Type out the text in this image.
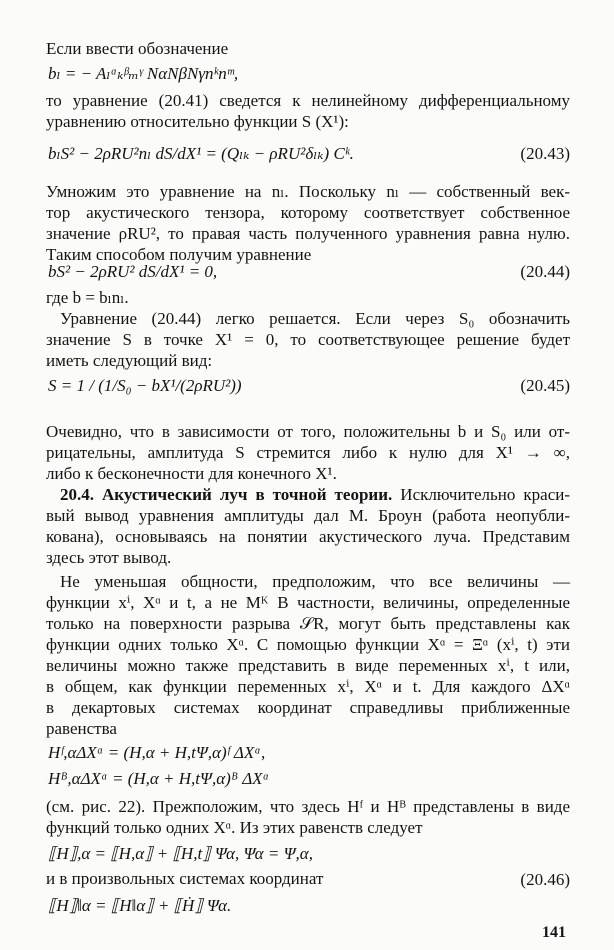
Если ввести обозначение
bₗ = − Aₗᵅₖᵝₘᵞ NαNβNγnᵏnᵐ,
то уравнение (20.41) сведется к нелинейному дифференциальному
уравнению относительно функции S (X¹):
bₗS² − 2ρRU²nₗ dS/dX¹ = (Qₗₖ − ρRU²δₗₖ) Cᵏ.	(20.43)
Умножим это уравнение на nₗ. Поскольку nₗ — собственный век-
тор акустического тензора, которому соответствует собственное
значение ρRU², то правая часть полученного уравнения равна нулю.
Таким способом получим уравнение
bS² − 2ρRU² dS/dX¹ = 0,	(20.44)
где b = bₗnₗ.
Уравнение (20.44) легко решается. Если через S₀ обозначить
значение S в точке X¹ = 0, то соответствующее решение будет
иметь следующий вид:
S = 1 / (1/S₀ − bX¹/(2ρRU²))	(20.45)
Очевидно, что в зависимости от того, положительны b и S₀ или от-
рицательны, амплитуда S стремится либо к нулю для X¹ → ∞,
либо к бесконечности для конечного X¹.
20.4. Акустический луч в точной теории. Исключительно краси-
вый вывод уравнения амплитуды дал М. Броун (работа неопубли-
кована), основываясь на понятии акустического луча. Представим
здесь этот вывод.
Не уменьшая общности, предположим, что все величины —
функции xⁱ, Xᵅ и t, а не Mᴷ В частности, величины, определенные
только на поверхности разрыва 𝒮R, могут быть представлены как
функции одних только Xᵅ. С помощью функции Xᵅ = Ξᵅ (xⁱ, t) эти
величины можно также представить в виде переменных xⁱ, t или,
в общем, как функции переменных xⁱ, Xᵅ и t. Для каждого ΔXᵅ
в декартовых системах координат справедливы приближенные
равенства
Hᶠ,αΔXᵅ = (H,α + H,tΨ,α)ᶠ ΔXᵅ,
Hᴮ,αΔXᵅ = (H,α + H,tΨ,α)ᴮ ΔXᵅ
(см. рис. 22). Прежположим, что здесь Hᶠ и Hᴮ представлены в виде
функций только одних Xᵅ. Из этих равенств следует
⟦H⟧,α = ⟦H,α⟧ + ⟦H,t⟧ Ψα, Ψα = Ψ,α,
и в произвольных системах координат
⟦H⟧‖α = ⟦H‖α⟧ + ⟦Ḣ⟧ Ψα.
(20.46)
141
